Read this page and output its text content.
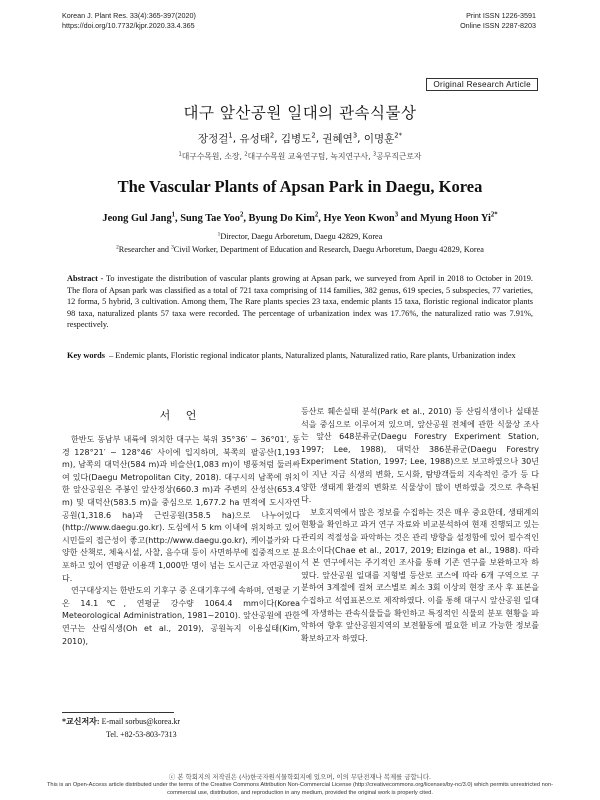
Korean J. Plant Res. 33(4):365-397(2020)
https://doi.org/10.7732/kjpr.2020.33.4.365
Print ISSN 1226-3591
Online ISSN 2287-8203
Original Research Article
대구 앞산공원 일대의 관속식물상
장정걸$^1$, 유성태$^2$, 김병도$^2$, 권혜연$^3$, 이명훈$^{2*}$
$^1$대구수목원, 소장, $^2$대구수목원 교육연구팀, 녹지연구사, $^3$공무직근로자
The Vascular Plants of Apsan Park in Daegu, Korea
Jeong Gul Jang$^1$, Sung Tae Yoo$^2$, Byung Do Kim$^2$, Hye Yeon Kwon$^3$ and Myung Hoon $Yi^{2*}$
$^1$Director, Daegu Arboretum, Daegu 42829, Korea
$^2$Researcher and $^3$Civil Worker, Department of Education and Research, Daegu Arboretum, Daegu 42829, Korea
Abstract - To investigate the distribution of vascular plants growing at Apsan park, we surveyed from April in 2018 to October in 2019. The flora of Apsan park was classified as a total of 721 taxa comprising of 114 families, 382 genus, 619 species, 5 subspecies, 77 varieties, 12 forma, 5 hybrid, 3 cultivation. Among them, The Rare plants species 23 taxa, endemic plants 15 taxa, floristic regional indicator plants 98 taxa, naturalized plants 57 taxa were recorded. The percentage of urbanization index was 17.76%, the naturalized ratio was 7.91%, respectively.
Key words – Endemic plants, Floristic regional indicator plants, Naturalized plants, Naturalized ratio, Rare plants, Urbanization index
서 언

한반도 동남부 내륙에 위치한 대구는 북위 35°36′ ~ 36°01′, 동경 128°21′ ~ 128°46′ 사이에 입지하며, 북쪽의 팔공산(1,193 m), 남쪽의 대덕산(584 m)과 비슬산(1,083 m)이 병풍처럼 둘러싸여 있다(Daegu Metropolitan City, 2018). 대구시의 남쪽에 위치한 앞산공원은 주봉인 앞산정상(660.3 m)과 주변의 산성산(653.4 m) 및 대덕산(583.5 m)을 중심으로 1,677.2 ha 면적에 도시자연공원(1,318.6 ha)과 근린공원(358.5 ha)으로 나누어있다(http://www.daegu.go.kr). 도심에서 5 km 이내에 위치하고 있어 시민들의 접근성이 좋고(http://www.daegu.go.kr), 케이블카와 다양한 산책로, 체육시설, 사찰, 음수대 등이 사면하부에 집중적으로 분포하고 있어 연평균 이용객 1,000만 명이 넘는 도시근교 자연공원이다.

연구대상지는 한반도의 기후구 중 온대기후구에 속하며, 연평균 기온 14.1℃, 연평균 강수량 1064.4 mm이다(Korea Meteorological Administration, 1981~2010). 앞산공원에 관한 연구는 산림식생(Oh et al., 2019), 공원녹지 이용실태(Kim, 2010),

등산로 훼손실태 분석(Park et al., 2010) 등 산림식생이나 실태분석을 중심으로 이루어져 있으며, 앞산공원 전체에 관한 식물상 조사는 앞산 648분류군(Daegu Forestry Experiment Station, 1997; Lee, 1988), 대덕산 386분류군(Daegu Forestry Experiment Station, 1997; Lee, 1988)으로 보고하였으나 30년이 지난 지금 식생의 변화, 도시화, 탐방객들의 지속적인 증가 등 다양한 생태계 환경의 변화로 식물상이 많이 변하였을 것으로 추측된다.

보호지역에서 많은 정보를 수집하는 것은 매우 중요한데, 생태계의 현황을 확인하고 과거 연구 자료와 비교분석하여 현재 진행되고 있는 관리의 적절성을 파악하는 것은 관리 방향을 설정함에 있어 필수적인 요소이다(Chae et al., 2017, 2019; Elzinga et al., 1988). 따라서 본 연구에서는 주기적인 조사를 통해 기존 연구를 보완하고자 하였다. 앞산공원 일대를 지형별 등산로 코스에 따라 6개 구역으로 구분하여 3계절에 걸쳐 코스별로 최소 3회 이상의 현장 조사 후 표본을 수집하고 석엽표본으로 제작하였다. 이를 통해 대구시 앞산공원 일대에 자생하는 관속식물들을 확인하고 특징적인 식물의 분포 현황을 파악하여 향후 앞산공원지역의 보전활동에 필요한 비교 가능한 정보를 확보하고자 하였다.

*교신저자: E-mail sorbus@korea.kr
Tel. +82-53-803-7313
ⓒ 본 학회지의 저작권은 (사)한국자원식물학회지에 있으며, 이의 무단전재나 복제를 금합니다.
This is an Open-Access article distributed under the terms of the Creative Commons Attribution Non-Commercial License (http://creativecommons.org/licenses/by-nc/3.0) which permits unrestricted non-commercial use, distribution, and reproduction in any medium, provided the original work is properly cited.
